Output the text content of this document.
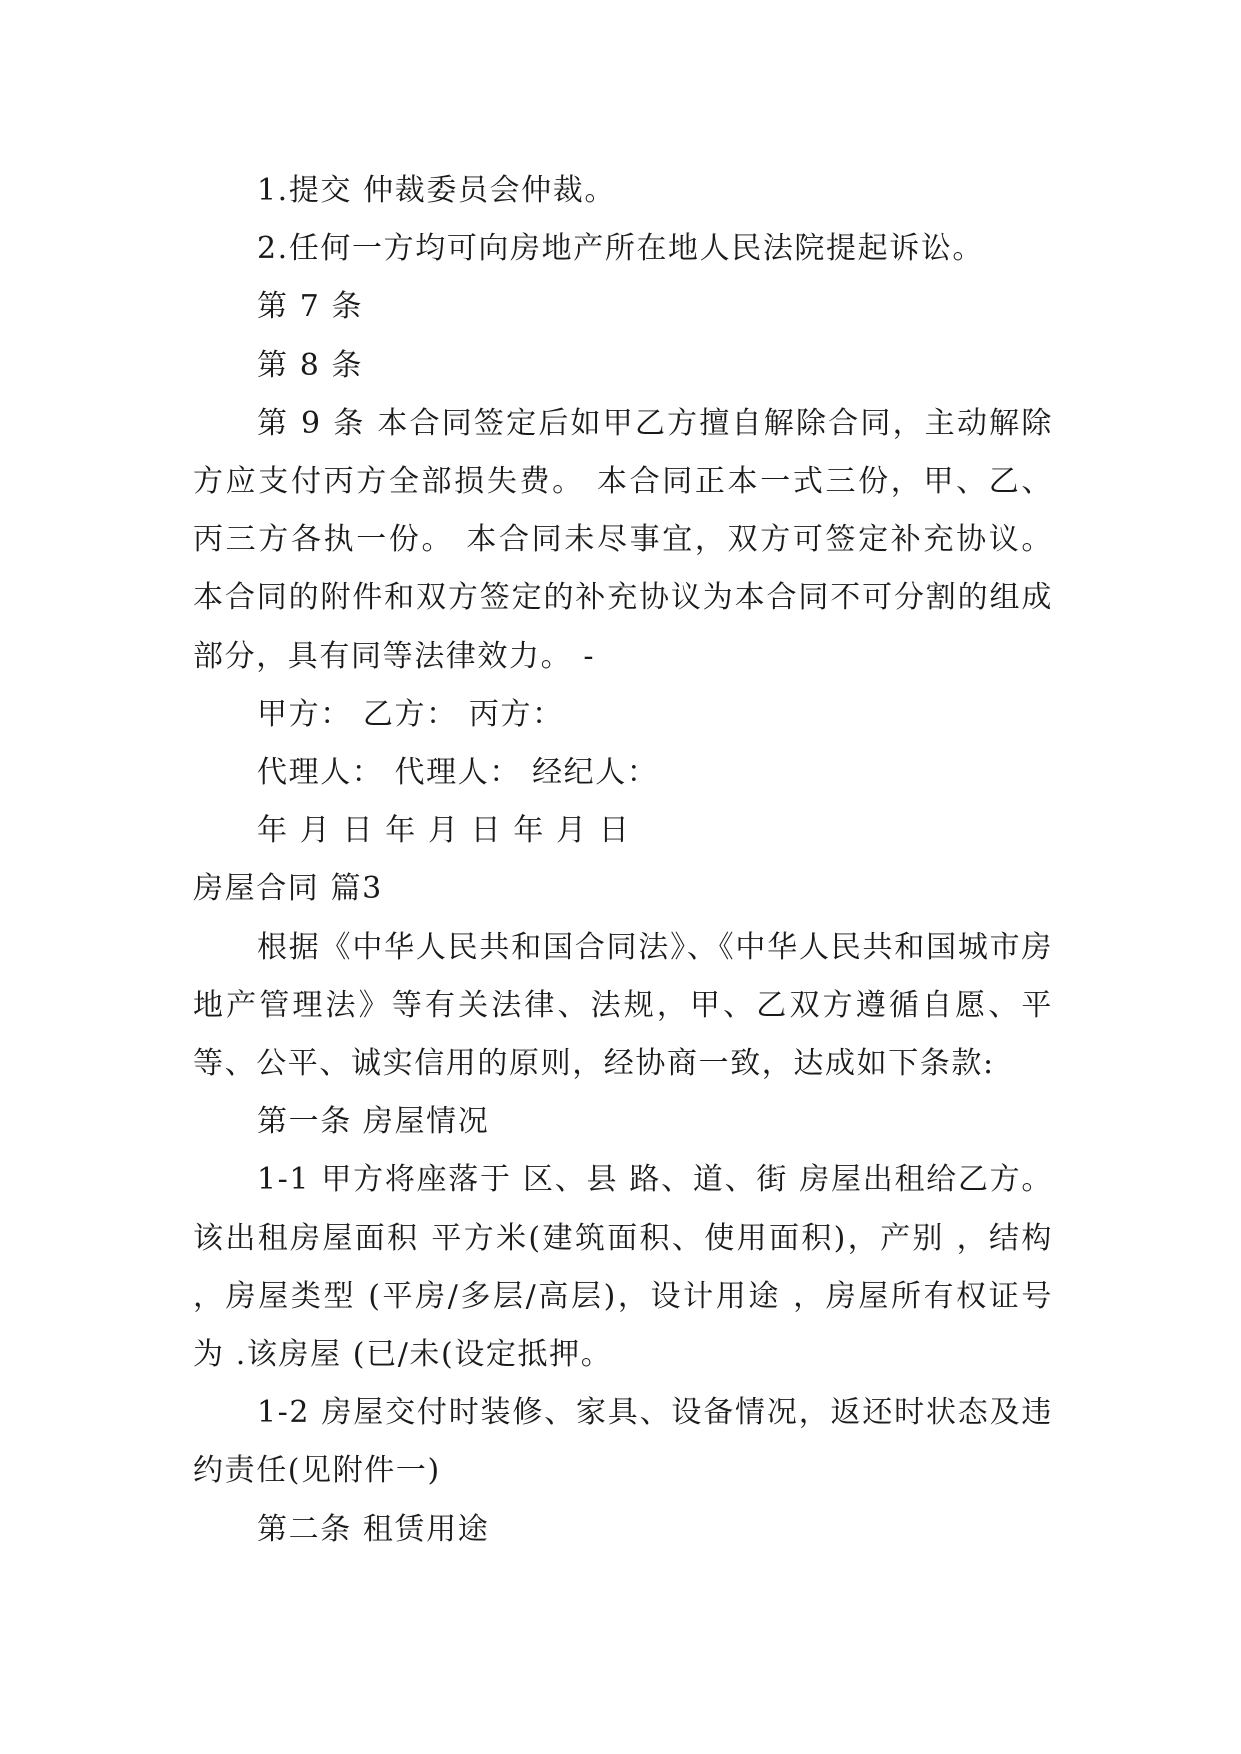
1.提交 仲裁委员会仲裁。

2.任何一方均可向房地产所在地人民法院提起诉讼。

第 7 条

第 8 条

第 9 条 本合同签定后如甲乙方擅自解除合同，主动解除方应支付丙方全部损失费。 本合同正本一式三份，甲、乙、丙三方各执一份。 本合同未尽事宜，双方可签定补充协议。本合同的附件和双方签定的补充协议为本合同不可分割的组成部分，具有同等法律效力。 -

甲方： 乙方： 丙方：

代理人： 代理人： 经纪人：

年 月 日 年 月 日 年 月 日

房屋合同 篇3

根据《中华人民共和国合同法》、《中华人民共和国城市房地产管理法》等有关法律、法规，甲、乙双方遵循自愿、平等、公平、诚实信用的原则，经协商一致，达成如下条款:

第一条 房屋情况

1-1 甲方将座落于 区、县 路、道、街 房屋出租给乙方。该出租房屋面积 平方米(建筑面积、使用面积)，产别 ，结构 ，房屋类型 (平房/多层/高层)，设计用途 ，房屋所有权证号为 .该房屋 (已/未(设定抵押。

1-2 房屋交付时装修、家具、设备情况，返还时状态及违约责任(见附件一)

第二条 租赁用途
